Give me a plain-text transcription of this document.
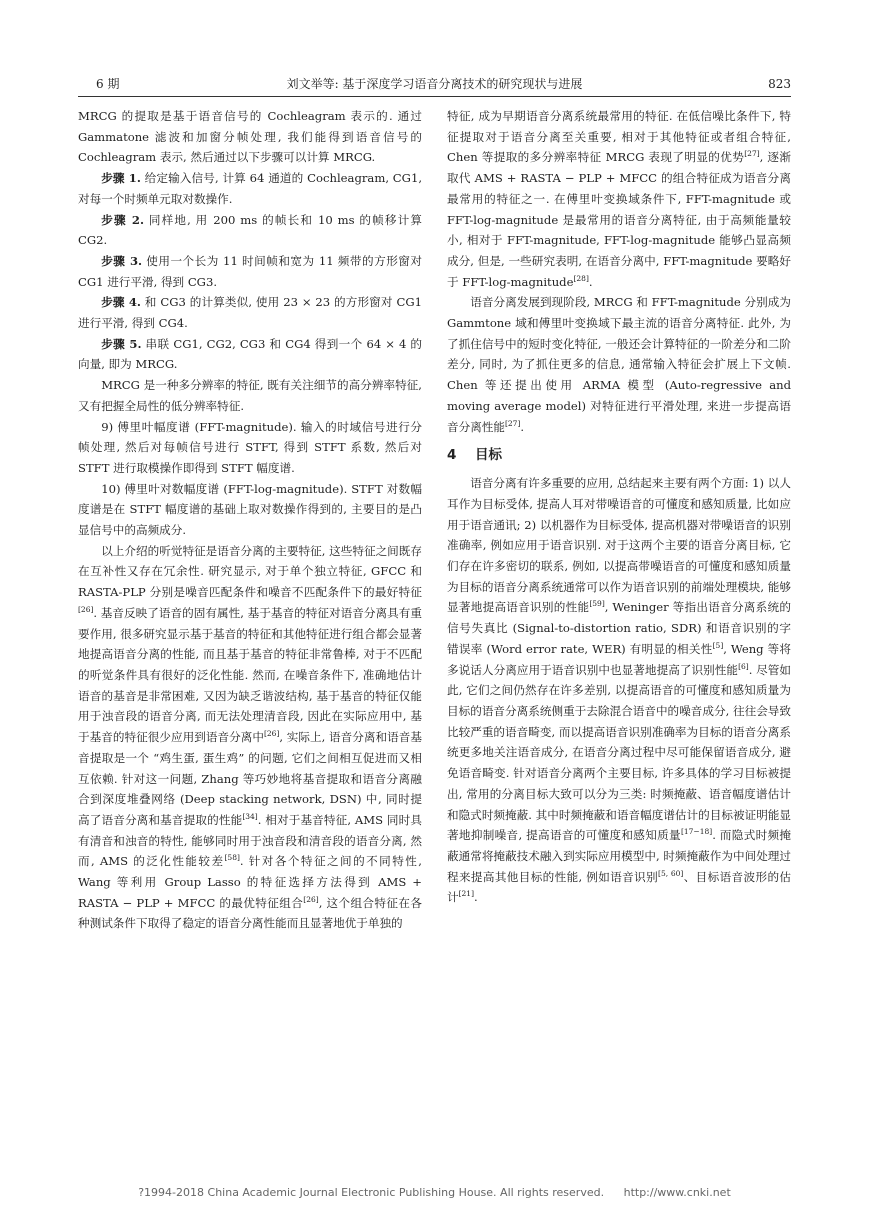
6 期	刘文举等: 基于深度学习语音分离技术的研究现状与进展	823

MRCG 的提取是基于语音信号的 Cochleagram 表示的. 通过 Gammatone 滤波和加窗分帧处理, 我们能得到语音信号的 Cochleagram 表示, 然后通过以下步骤可以计算 MRCG.

步骤 1. 给定输入信号, 计算 64 通道的 Cochleagram, CG1, 对每一个时频单元取对数操作.

步骤 2. 同样地, 用 200 ms 的帧长和 10 ms 的帧移计算 CG2.

步骤 3. 使用一个长为 11 时间帧和宽为 11 频带的方形窗对 CG1 进行平滑, 得到 CG3.

步骤 4. 和 CG3 的计算类似, 使用 23 × 23 的方形窗对 CG1 进行平滑, 得到 CG4.

步骤 5. 串联 CG1, CG2, CG3 和 CG4 得到一个 64 × 4 的向量, 即为 MRCG.

MRCG 是一种多分辨率的特征, 既有关注细节的高分辨率特征, 又有把握全局性的低分辨率特征.

9) 傅里叶幅度谱 (FFT-magnitude). 输入的时域信号进行分帧处理, 然后对每帧信号进行 STFT, 得到 STFT 系数, 然后对 STFT 进行取模操作即得到 STFT 幅度谱.

10) 傅里叶对数幅度谱 (FFT-log-magnitude). STFT 对数幅度谱是在 STFT 幅度谱的基础上取对数操作得到的, 主要目的是凸显信号中的高频成分.

以上介绍的听觉特征是语音分离的主要特征, 这些特征之间既存在互补性又存在冗余性. 研究显示, 对于单个独立特征, GFCC 和 RASTA-PLP 分别是噪音匹配条件和噪音不匹配条件下的最好特征[26]. 基音反映了语音的固有属性, 基于基音的特征对语音分离具有重要作用, 很多研究显示基于基音的特征和其他特征进行组合都会显著地提高语音分离的性能, 而且基于基音的特征非常鲁棒, 对于不匹配的听觉条件具有很好的泛化性能. 然而, 在噪音条件下, 准确地估计语音的基音是非常困难, 又因为缺乏谐波结构, 基于基音的特征仅能用于浊音段的语音分离, 而无法处理清音段, 因此在实际应用中, 基于基音的特征很少应用到语音分离中[26], 实际上, 语音分离和语音基音提取是一个 “鸡生蛋, 蛋生鸡” 的问题, 它们之间相互促进而又相互依赖. 针对这一问题, Zhang 等巧妙地将基音提取和语音分离融合到深度堆叠网络 (Deep stacking network, DSN) 中, 同时提高了语音分离和基音提取的性能[34]. 相对于基音特征, AMS 同时具有清音和浊音的特性, 能够同时用于浊音段和清音段的语音分离, 然而, AMS 的泛化性能较差[58]. 针对各个特征之间的不同特性, Wang 等利用 Group Lasso 的特征选择方法得到 AMS + RASTA − PLP + MFCC 的最优特征组合[26], 这个组合特征在各种测试条件下取得了稳定的语音分离性能而且显著地优于单独的

特征, 成为早期语音分离系统最常用的特征. 在低信噪比条件下, 特征提取对于语音分离至关重要, 相对于其他特征或者组合特征, Chen 等提取的多分辨率特征 MRCG 表现了明显的优势[27], 逐渐取代 AMS + RASTA − PLP + MFCC 的组合特征成为语音分离最常用的特征之一. 在傅里叶变换域条件下, FFT-magnitude 或 FFT-log-magnitude 是最常用的语音分离特征, 由于高频能量较小, 相对于 FFT-magnitude, FFT-log-magnitude 能够凸显高频成分, 但是, 一些研究表明, 在语音分离中, FFT-magnitude 要略好于 FFT-log-magnitude[28].

语音分离发展到现阶段, MRCG 和 FFT-magnitude 分别成为 Gammtone 域和傅里叶变换域下最主流的语音分离特征. 此外, 为了抓住信号中的短时变化特征, 一般还会计算特征的一阶差分和二阶差分, 同时, 为了抓住更多的信息, 通常输入特征会扩展上下文帧. Chen 等还提出使用 ARMA 模型 (Auto-regressive and moving average model) 对特征进行平滑处理, 来进一步提高语音分离性能[27].

4 目标

语音分离有许多重要的应用, 总结起来主要有两个方面: 1) 以人耳作为目标受体, 提高人耳对带噪语音的可懂度和感知质量, 比如应用于语音通讯; 2) 以机器作为目标受体, 提高机器对带噪语音的识别准确率, 例如应用于语音识别. 对于这两个主要的语音分离目标, 它们存在许多密切的联系, 例如, 以提高带噪语音的可懂度和感知质量为目标的语音分离系统通常可以作为语音识别的前端处理模块, 能够显著地提高语音识别的性能[59], Weninger 等指出语音分离系统的信号失真比 (Signal-to-distortion ratio, SDR) 和语音识别的字错误率 (Word error rate, WER) 有明显的相关性[5], Weng 等将多说话人分离应用于语音识别中也显著地提高了识别性能[6]. 尽管如此, 它们之间仍然存在许多差别, 以提高语音的可懂度和感知质量为目标的语音分离系统侧重于去除混合语音中的噪音成分, 往往会导致比较严重的语音畸变, 而以提高语音识别准确率为目标的语音分离系统更多地关注语音成分, 在语音分离过程中尽可能保留语音成分, 避免语音畸变. 针对语音分离两个主要目标, 许多具体的学习目标被提出, 常用的分离目标大致可以分为三类: 时频掩蔽、语音幅度谱估计和隐式时频掩蔽. 其中时频掩蔽和语音幅度谱估计的目标被证明能显著地抑制噪音, 提高语音的可懂度和感知质量[17−18]. 而隐式时频掩蔽通常将掩蔽技术融入到实际应用模型中, 时频掩蔽作为中间处理过程来提高其他目标的性能, 例如语音识别[5, 60]、目标语音波形的估计[21].

?1994-2018 China Academic Journal Electronic Publishing House. All rights reserved. http://www.cnki.net
